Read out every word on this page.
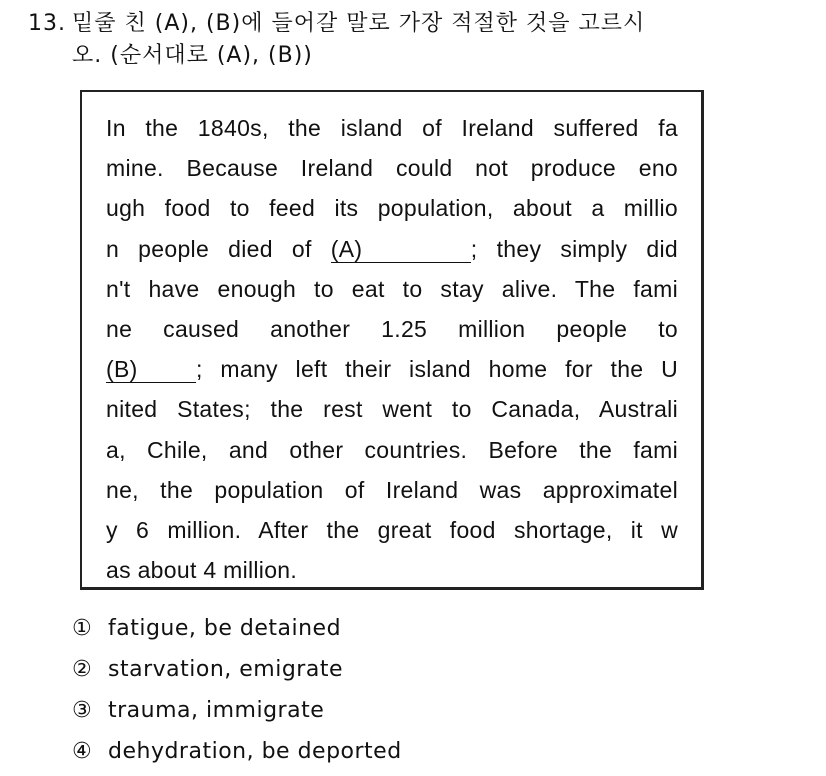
13. 밑줄 친 (A), (B)에 들어갈 말로 가장 적절한 것을 고르시
오. (순서대로 (A), (B))
In the 1840s, the island of Ireland suffered fa
mine. Because Ireland could not produce eno
ugh food to feed its population, about a millio
n people died of (A)	; they simply did
n't have enough to eat to stay alive. The fami
ne caused another 1.25 million people to
(B)	; many left their island home for the U
nited States; the rest went to Canada, Australi
a, Chile, and other countries. Before the fami
ne, the population of Ireland was approximatel
y 6 million. After the great food shortage, it w
as about 4 million.
① fatigue, be detained
② starvation, emigrate
③ trauma, immigrate
④ dehydration, be deported
